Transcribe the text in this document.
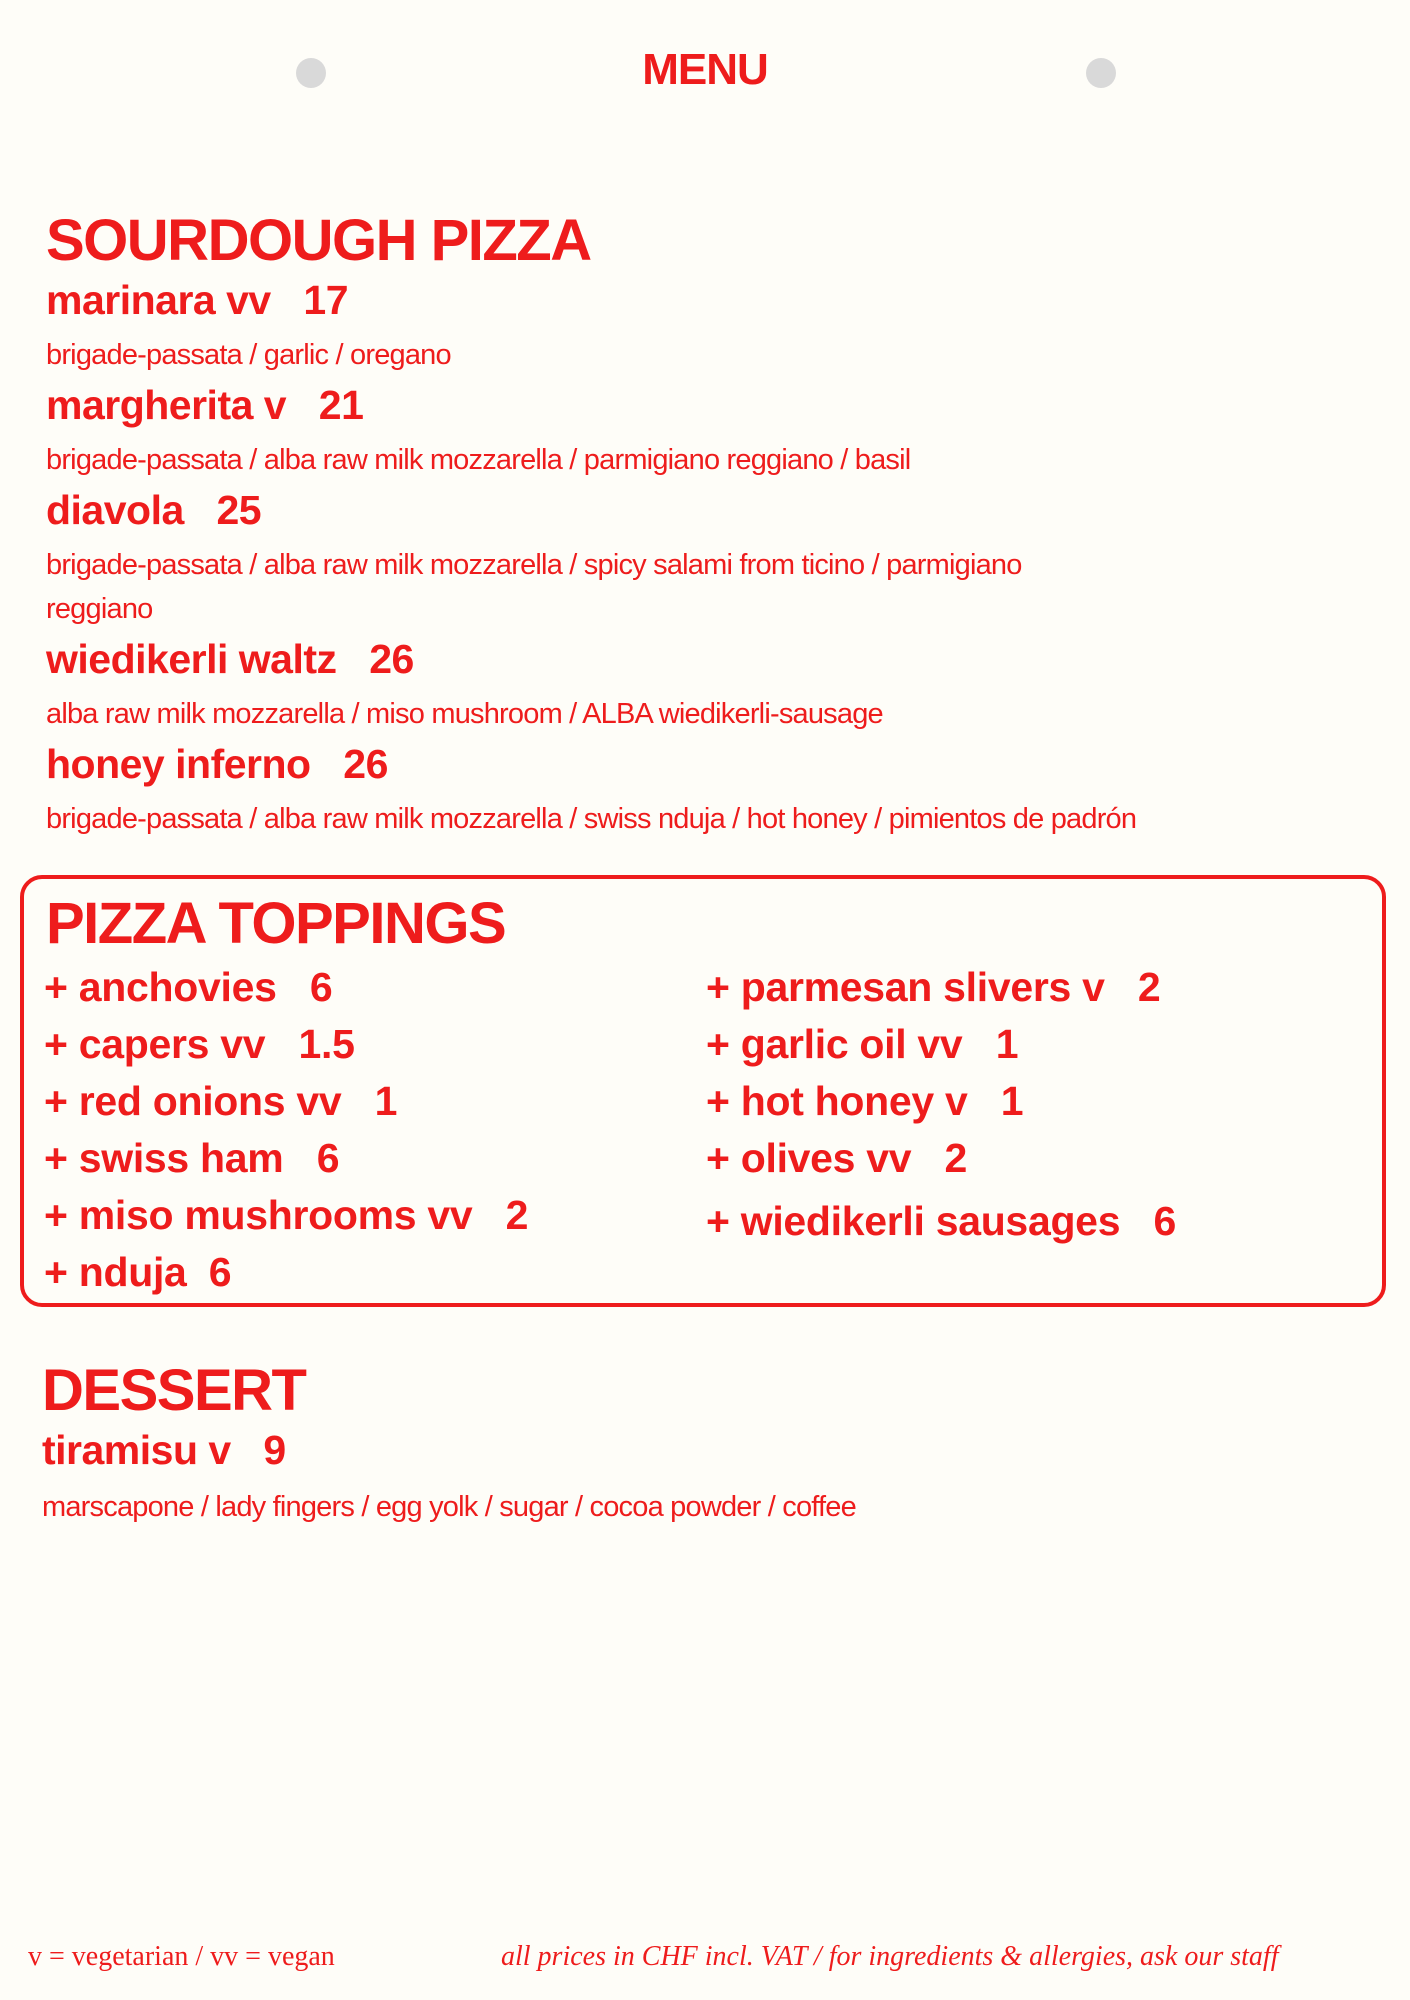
MENU
SOURDOUGH PIZZA
marinara vv 17
brigade-passata / garlic / oregano
margherita v 21
brigade-passata / alba raw milk mozzarella / parmigiano reggiano / basil
diavola 25
brigade-passata / alba raw milk mozzarella / spicy salami from ticino / parmigiano reggiano
wiedikerli waltz 26
alba raw milk mozzarella / miso mushroom / ALBA wiedikerli-sausage
honey inferno 26
brigade-passata / alba raw milk mozzarella / swiss nduja / hot honey / pimientos de padrón
PIZZA TOPPINGS
+ anchovies   6
+ capers vv   1.5
+ red onions vv   1
+ swiss ham   6
+ miso mushrooms vv   2
+ nduja  6
+ parmesan slivers v   2
+ garlic oil vv   1
+ hot honey v   1
+ olives vv   2
+ wiedikerli sausages   6
DESSERT
tiramisu v 9
marscapone / lady fingers / egg yolk / sugar / cocoa powder / coffee
v = vegetarian / vv = vegan	all prices in CHF incl. VAT / for ingredients & allergies, ask our staff
